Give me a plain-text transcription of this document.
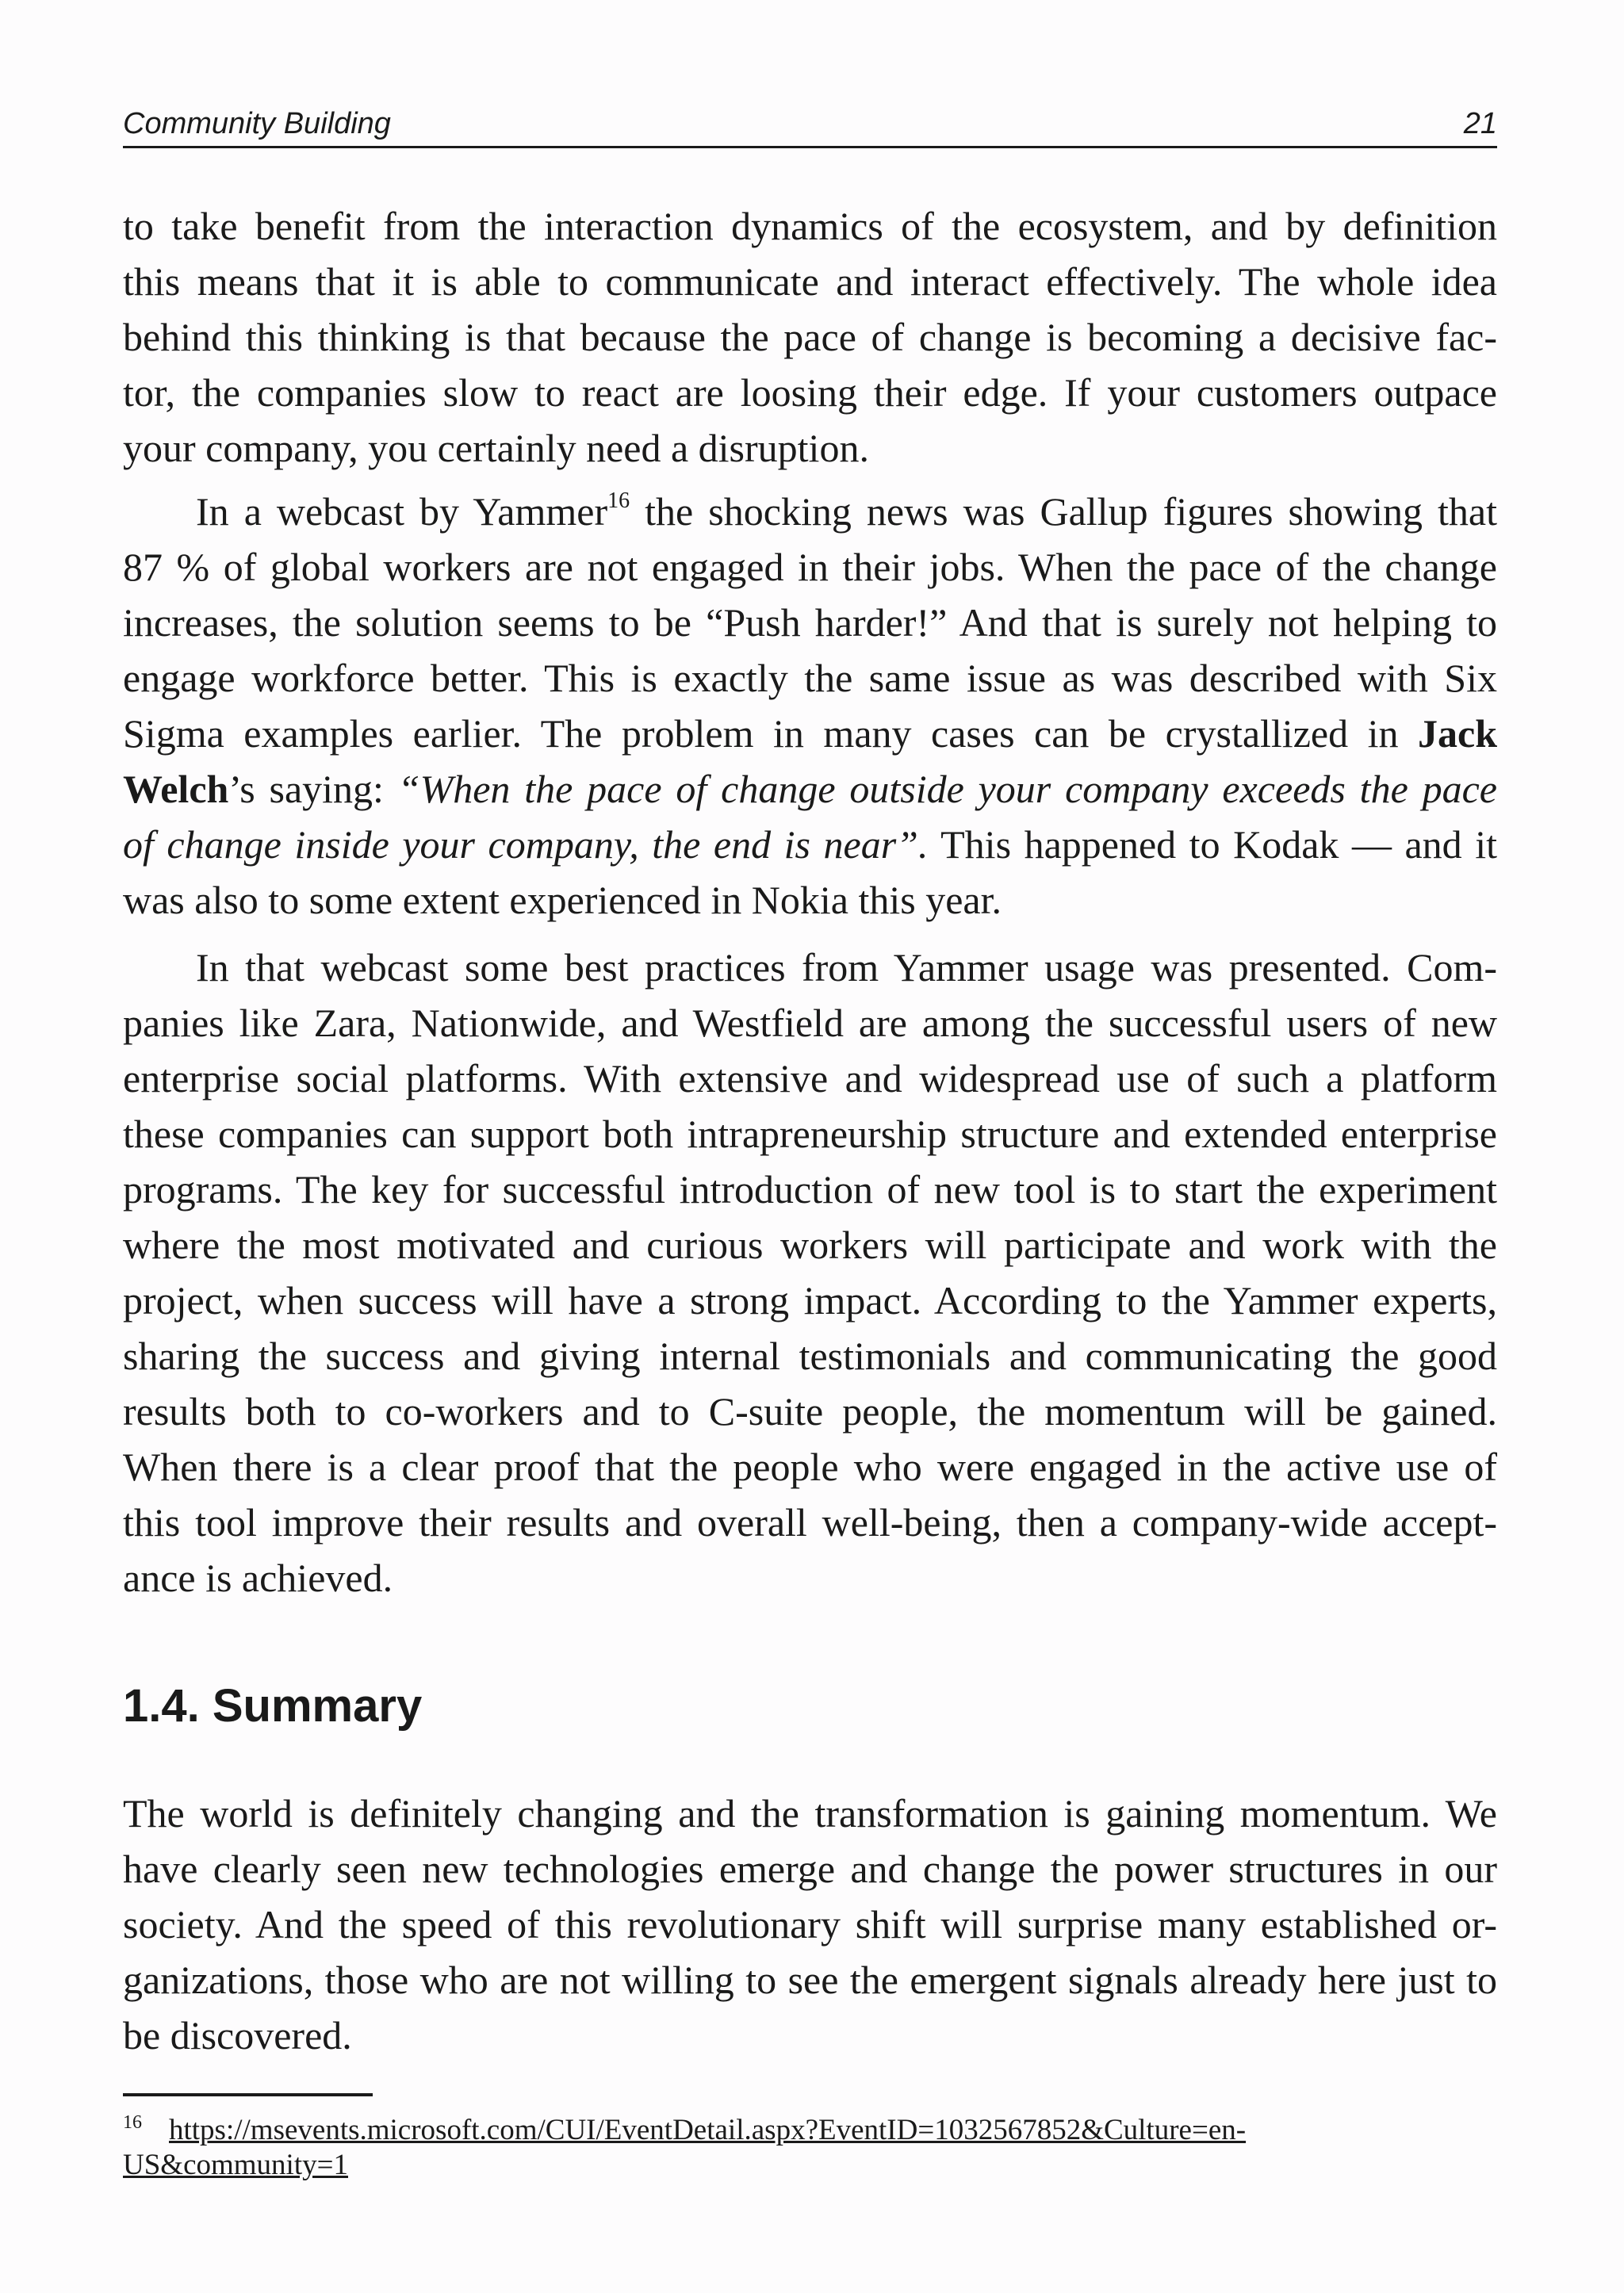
Community Building	21
to take benefit from the interaction dynamics of the ecosystem, and by definition
this means that it is able to communicate and interact effectively. The whole idea
behind this thinking is that because the pace of change is becoming a decisive fac-
tor, the companies slow to react are loosing their edge. If your customers outpace
your company, you certainly need a disruption.
In a webcast by Yammer$^{16}$ the shocking news was Gallup figures showing that
87 % of global workers are not engaged in their jobs. When the pace of the change
increases, the solution seems to be “Push harder!” And that is surely not helping to
engage workforce better. This is exactly the same issue as was described with Six
Sigma examples earlier. The problem in many cases can be crystallized in Jack
Welch’s saying: “When the pace of change outside your company exceeds the pace
of change inside your company, the end is near”. This happened to Kodak — and it
was also to some extent experienced in Nokia this year.
In that webcast some best practices from Yammer usage was presented. Com-
panies like Zara, Nationwide, and Westfield are among the successful users of new
enterprise social platforms. With extensive and widespread use of such a platform
these companies can support both intrapreneurship structure and extended enterprise
programs. The key for successful introduction of new tool is to start the experiment
where the most motivated and curious workers will participate and work with the
project, when success will have a strong impact. According to the Yammer experts,
sharing the success and giving internal testimonials and communicating the good
results both to co-workers and to C-suite people, the momentum will be gained.
When there is a clear proof that the people who were engaged in the active use of
this tool improve their results and overall well-being, then a company-wide accept-
ance is achieved.
1.4. Summary
The world is definitely changing and the transformation is gaining momentum. We
have clearly seen new technologies emerge and change the power structures in our
society. And the speed of this revolutionary shift will surprise many established or-
ganizations, those who are not willing to see the emergent signals already here just to
be discovered.
$^{16}$ https://msevents.microsoft.com/CUI/EventDetail.aspx?EventID=1032567852&Culture=en-
US&community=1
